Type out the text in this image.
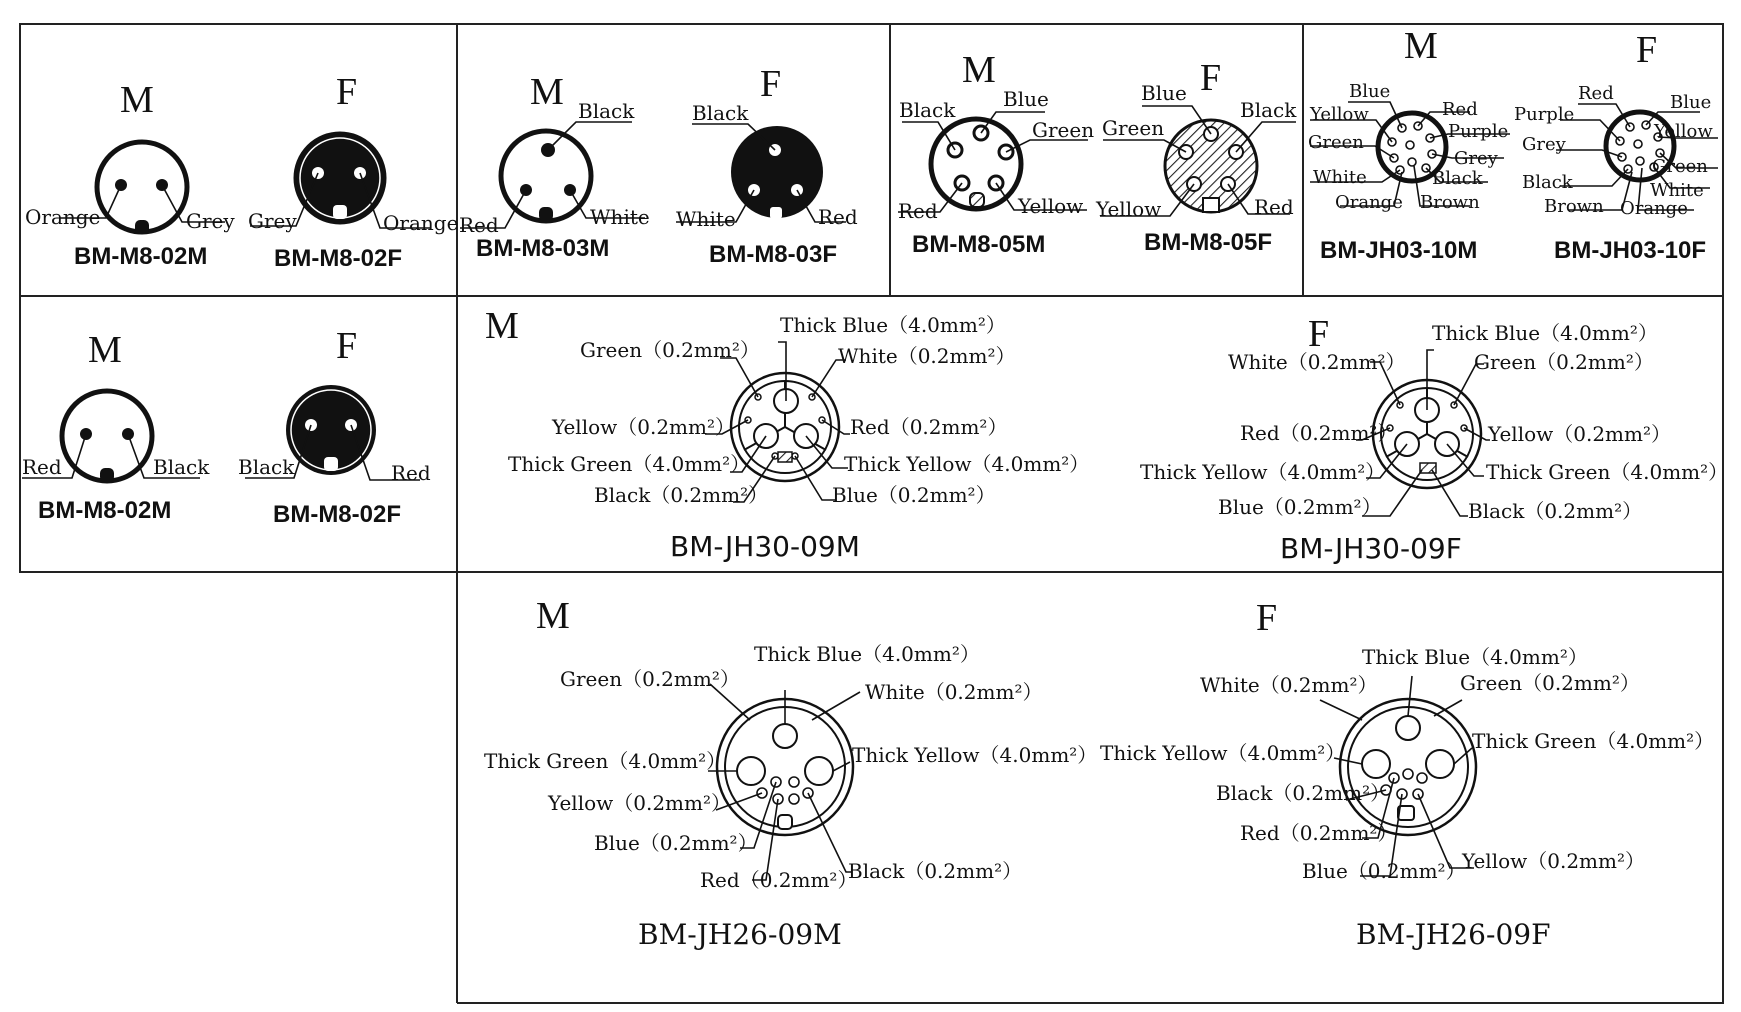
M	F
Orange	Grey Grey	Orange
BM-M8-02M	BM-M8-02F
M	F
Black
Red	White
Black
White	Red
BM-M8-03M	BM-M8-03F
M	F
Black Blue
Green
Red	Yellow
Blue
Black
Green
Yellow	Red
BM-M8-05M	BM-M8-05F
M	F
Blue
Yellow	Red
Purple
Green
Grey
White	Black
Orange Brown
Red	Blue
Purple
Yellow
Grey
Green
Black	White
Brown Orange
BM-JH03-10M	BM-JH03-10F
M	F
Red	Black Black	Red
BM-M8-02M	BM-M8-02F
M	F
Thick Blue（4.0mm²）
Green（0.2mm²）	White（0.2mm²）
Yellow（0.2mm²）	Red（0.2mm²）
Thick Green（4.0mm²）	Thick Yellow（4.0mm²）
Black（0.2mm²）	Blue（0.2mm²）
BM-JH30-09M
Thick Blue（4.0mm²）
White（0.2mm²）	Green（0.2mm²）
Red（0.2mm²）	Yellow（0.2mm²）
Thick Yellow（4.0mm²）	Thick Green（4.0mm²）
Blue（0.2mm²）	Black（0.2mm²）
BM-JH30-09F
M	F
Thick Blue（4.0mm²）
Green（0.2mm²）
White（0.2mm²）
Thick Green（4.0mm²）	Thick Yellow（4.0mm²）
Yellow（0.2mm²）
Blue（0.2mm²）
Red（0.2mm²）
Black（0.2mm²）
BM-JH26-09M
Thick Blue（4.0mm²）
White（0.2mm²）	Green（0.2mm²）
Thick Yellow（4.0mm²）	Thick Green（4.0mm²）
Black（0.2mm²）
Red（0.2mm²）
Blue（0.2mm²）
Yellow（0.2mm²）
BM-JH26-09F
